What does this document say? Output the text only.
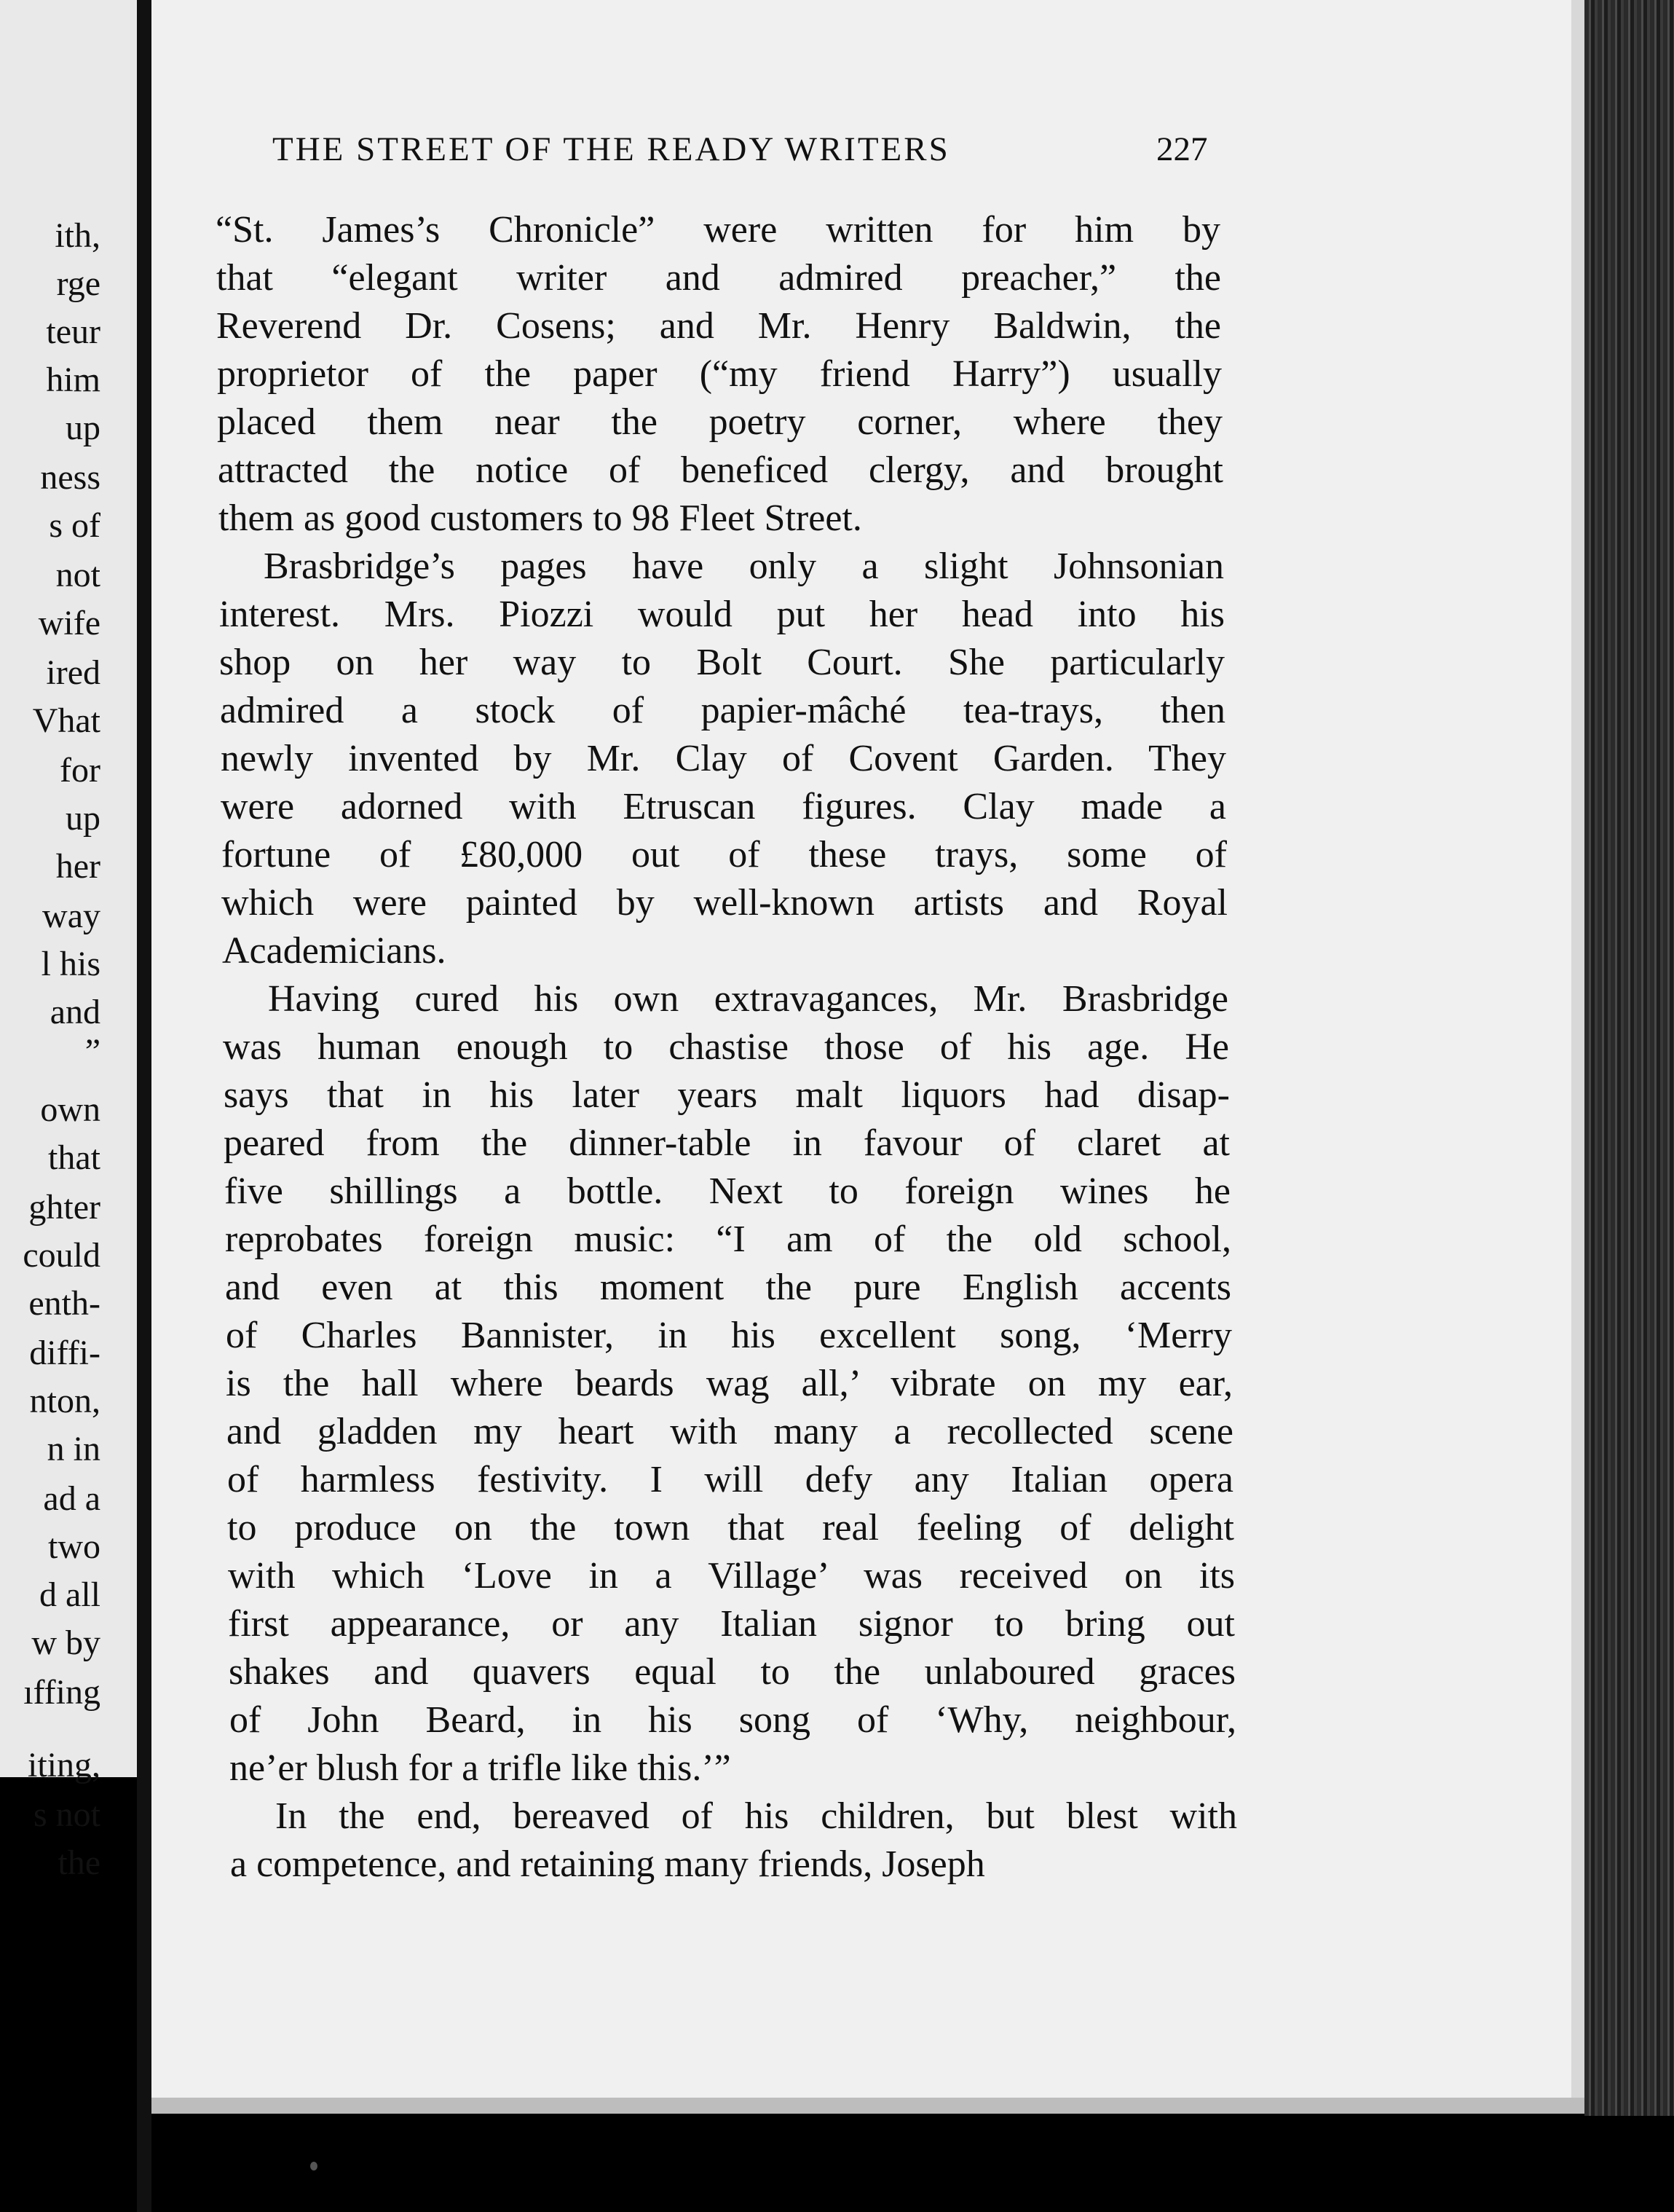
ith,
rge
teur
him
up
ness
s of
not
wife
ired
Vhat
for
up
her
way
l his
and
”
own
that
ghter
could
enth-
diffi-
nton,
n in
ad a
two
d all
w by
ıffing
iting,
s not
the
THE STREET OF THE READY WRITERS	227
“St. James’s Chronicle” were written for him by
that “elegant writer and admired preacher,” the
Reverend Dr. Cosens; and Mr. Henry Baldwin, the
proprietor of the paper (“my friend Harry”) usually
placed them near the poetry corner, where they
attracted the notice of beneficed clergy, and brought
them as good customers to 98 Fleet Street.
Brasbridge’s pages have only a slight Johnsonian
interest. Mrs. Piozzi would put her head into his
shop on her way to Bolt Court. She particularly
admired a stock of papier-mâché tea-trays, then
newly invented by Mr. Clay of Covent Garden. They
were adorned with Etruscan figures. Clay made a
fortune of £80,000 out of these trays, some of
which were painted by well-known artists and Royal
Academicians.
Having cured his own extravagances, Mr. Brasbridge
was human enough to chastise those of his age. He
says that in his later years malt liquors had disap-
peared from the dinner-table in favour of claret at
five shillings a bottle. Next to foreign wines he
reprobates foreign music: “I am of the old school,
and even at this moment the pure English accents
of Charles Bannister, in his excellent song, ‘Merry
is the hall where beards wag all,’ vibrate on my ear,
and gladden my heart with many a recollected scene
of harmless festivity. I will defy any Italian opera
to produce on the town that real feeling of delight
with which ‘Love in a Village’ was received on its
first appearance, or any Italian signor to bring out
shakes and quavers equal to the unlaboured graces
of John Beard, in his song of ‘Why, neighbour,
ne’er blush for a trifle like this.’”
In the end, bereaved of his children, but blest with
a competence, and retaining many friends, Joseph
